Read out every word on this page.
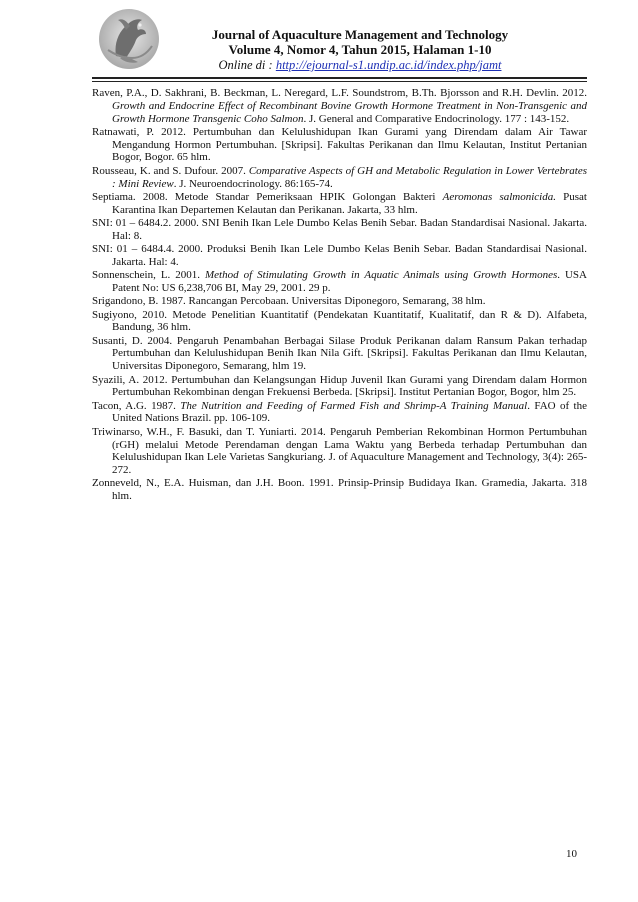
Journal of Aquaculture Management and Technology
Volume 4, Nomor 4, Tahun 2015, Halaman 1-10
Online di : http://ejournal-s1.undip.ac.id/index.php/jamt

Raven, P.A., D. Sakhrani, B. Beckman, L. Neregard, L.F. Soundstrom, B.Th. Bjorsson and R.H. Devlin. 2012. Growth and Endocrine Effect of Recombinant Bovine Growth Hormone Treatment in Non-Transgenic and Growth Hormone Transgenic Coho Salmon. J. General and Comparative Endocrinology. 177 : 143-152.

Ratnawati, P. 2012. Pertumbuhan dan Kelulushidupan Ikan Gurami yang Direndam dalam Air Tawar Mengandung Hormon Pertumbuhan. [Skripsi]. Fakultas Perikanan dan Ilmu Kelautan, Institut Pertanian Bogor, Bogor. 65 hlm.

Rousseau, K. and S. Dufour. 2007. Comparative Aspects of GH and Metabolic Regulation in Lower Vertebrates : Mini Review. J. Neuroendocrinology. 86:165-74.

Septiama. 2008. Metode Standar Pemeriksaan HPIK Golongan Bakteri Aeromonas salmonicida. Pusat Karantina Ikan Departemen Kelautan dan Perikanan. Jakarta, 33 hlm.

SNI: 01 – 6484.2. 2000. SNI Benih Ikan Lele Dumbo Kelas Benih Sebar. Badan Standardisai Nasional. Jakarta. Hal: 8.

SNI: 01 – 6484.4. 2000. Produksi Benih Ikan Lele Dumbo Kelas Benih Sebar. Badan Standardisai Nasional. Jakarta. Hal: 4.

Sonnenschein, L. 2001. Method of Stimulating Growth in Aquatic Animals using Growth Hormones. USA Patent No: US 6,238,706 BI, May 29, 2001. 29 p.

Srigandono, B. 1987. Rancangan Percobaan. Universitas Diponegoro, Semarang, 38 hlm.

Sugiyono, 2010. Metode Penelitian Kuantitatif (Pendekatan Kuantitatif, Kualitatif, dan R & D). Alfabeta, Bandung, 36 hlm.

Susanti, D. 2004. Pengaruh Penambahan Berbagai Silase Produk Perikanan dalam Ransum Pakan terhadap Pertumbuhan dan Kelulushidupan Benih Ikan Nila Gift. [Skripsi]. Fakultas Perikanan dan Ilmu Kelautan, Universitas Diponegoro, Semarang, hlm 19.

Syazili, A. 2012. Pertumbuhan dan Kelangsungan Hidup Juvenil Ikan Gurami yang Direndam dalam Hormon Pertumbuhan Rekombinan dengan Frekuensi Berbeda. [Skripsi]. Institut Pertanian Bogor, Bogor, hlm 25.

Tacon, A.G. 1987. The Nutrition and Feeding of Farmed Fish and Shrimp-A Training Manual. FAO of the United Nations Brazil. pp. 106-109.

Triwinarso, W.H., F. Basuki, dan T. Yuniarti. 2014. Pengaruh Pemberian Rekombinan Hormon Pertumbuhan (rGH) melalui Metode Perendaman dengan Lama Waktu yang Berbeda terhadap Pertumbuhan dan Kelulushidupan Ikan Lele Varietas Sangkuriang. J. of Aquaculture Management and Technology, 3(4): 265-272.

Zonneveld, N., E.A. Huisman, dan J.H. Boon. 1991. Prinsip-Prinsip Budidaya Ikan. Gramedia, Jakarta. 318 hlm.

10
